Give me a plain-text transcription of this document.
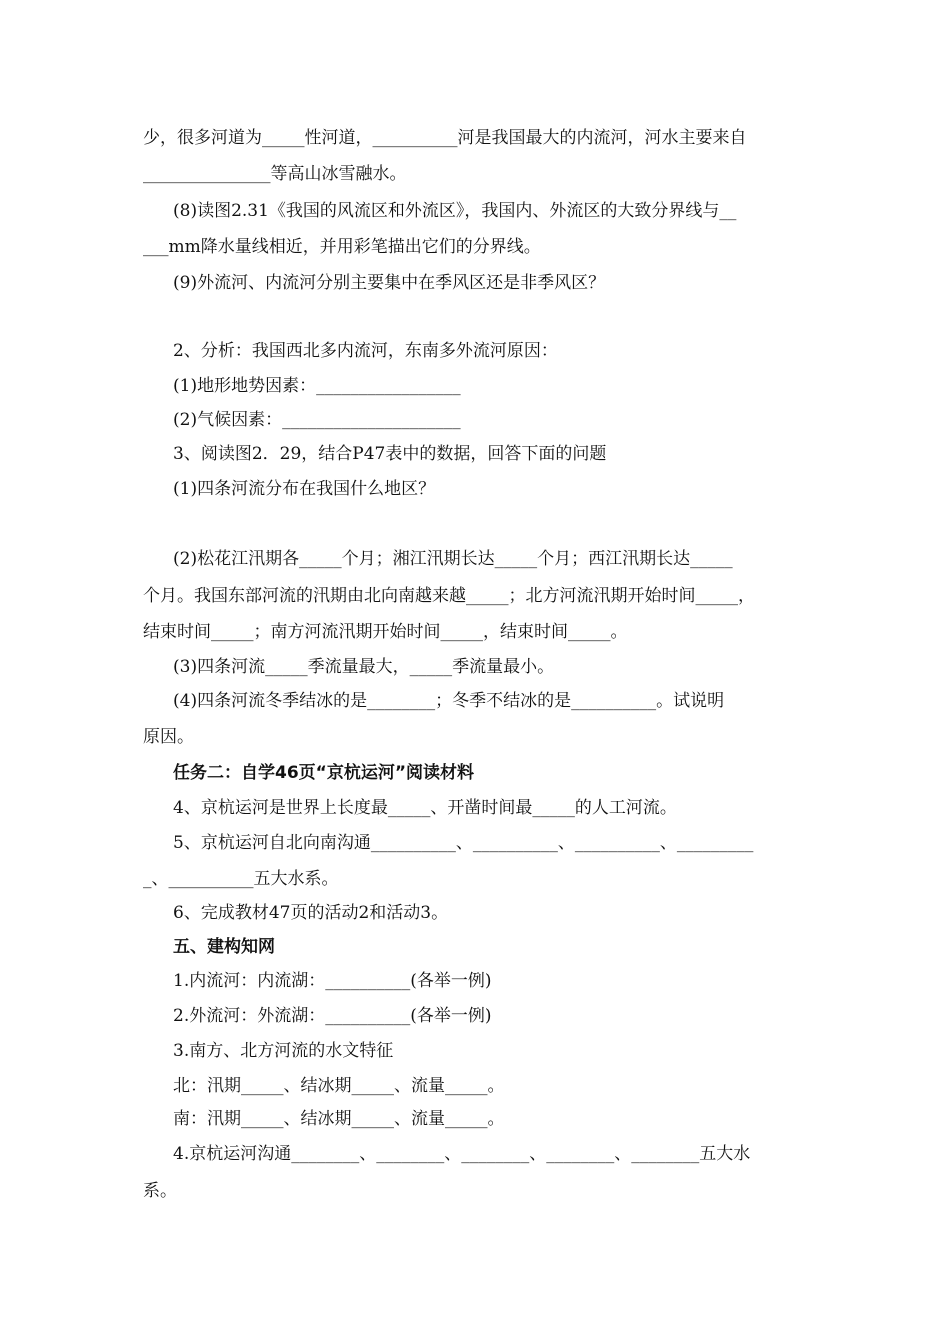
少，很多河道为_____性河道，__________河是我国最大的内流河，河水主要来自
_______________等高山冰雪融水。
(8)读图2.31《我国的风流区和外流区》，我国内、外流区的大致分界线与__
___mm降水量线相近，并用彩笔描出它们的分界线。
(9)外流河、内流河分别主要集中在季风区还是非季风区？
2、分析：我国西北多内流河，东南多外流河原因：
(1)地形地势因素：_________________
(2)气候因素：_____________________
3、阅读图2．29，结合P47表中的数据，回答下面的问题
(1)四条河流分布在我国什么地区？
(2)松花江汛期各_____个月；湘江汛期长达_____个月；西江汛期长达_____
个月。我国东部河流的汛期由北向南越来越_____；北方河流汛期开始时间_____，
结束时间_____；南方河流汛期开始时间_____，结束时间_____。
(3)四条河流_____季流量最大，_____季流量最小。
(4)四条河流冬季结冰的是________；冬季不结冰的是__________。试说明
原因。
任务二：自学46页“京杭运河”阅读材料
4、京杭运河是世界上长度最_____、开凿时间最_____的人工河流。
5、京杭运河自北向南沟通__________、__________、__________、_________
_、__________五大水系。
6、完成教材47页的活动2和活动3。
五、建构知网
1.内流河：内流湖：__________(各举一例)
2.外流河：外流湖：__________(各举一例)
3.南方、北方河流的水文特征
北：汛期_____、结冰期_____、流量_____。
南：汛期_____、结冰期_____、流量_____。
4.京杭运河沟通________、________、________、________、________五大水
系。
